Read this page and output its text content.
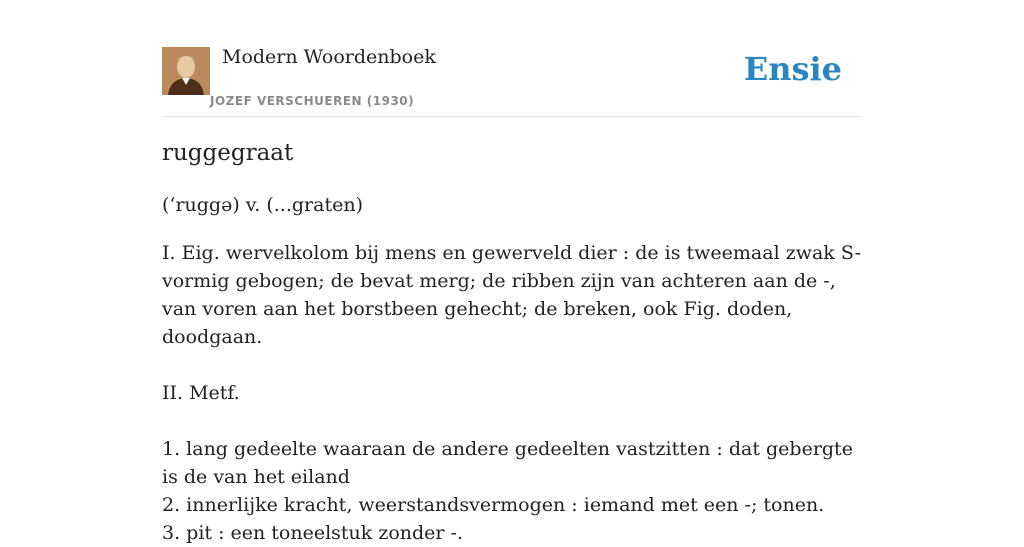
Modern Woordenboek
JOZEF VERSCHUEREN (1930)
Ensie
ruggegraat
(ʻruggə) v. (...graten)

I. Eig. wervelkolom bij mens en gewerveld dier : de is tweemaal zwak S-vormig gebogen; de bevat merg; de ribben zijn van achteren aan de -, van voren aan het borstbeen gehecht; de breken, ook Fig. doden, doodgaan.

II. Metf.

1. lang gedeelte waaraan de andere gedeelten vastzitten : dat gebergte is de van het eiland

2. innerlijke kracht, weerstandsvermogen : iemand met een -; tonen.

3. pit : een toneelstuk zonder -.
